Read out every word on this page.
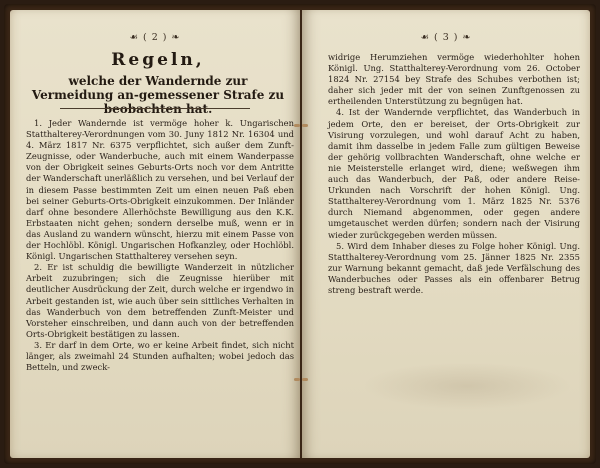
☙ ( 2 ) ❧
Regeln,
welche der Wandernde zur Vermeidung an-gemessener Strafe zu beobachten hat.

1. Jeder Wandernde ist vermöge hoher k. Ungarischen Statthalterey-Verordnungen vom 30. Juny 1812 Nr. 16304 und 4. März 1817 Nr. 6375 verpflichtet, sich außer dem Zunft-Zeugnisse, oder Wanderbuche, auch mit einem Wanderpasse von der Obrigkeit seines Geburts-Orts noch vor dem Antritte der Wanderschaft unerläßlich zu versehen, und bei Verlauf der in diesem Passe bestimmten Zeit um einen neuen Paß eben bei seiner Geburts-Orts-Obrigkeit einzukommen. Der Inländer darf ohne besondere Allerhöchste Bewilligung aus den K.K. Erbstaaten nicht gehen; sondern derselbe muß, wenn er in das Ausland zu wandern wünscht, hierzu mit einem Passe von der Hochlöbl. Königl. Ungarischen Hofkanzley, oder Hochlöbl. Königl. Ungarischen Statthalterey versehen seyn.

2. Er ist schuldig die bewilligte Wanderzeit in nützlicher Arbeit zuzubringen; sich die Zeugnisse hierüber mit deutlicher Ausdrückung der Zeit, durch welche er irgendwo in Arbeit gestanden ist, wie auch über sein sittliches Verhalten in das Wanderbuch von dem betreffenden Zunft-Meister und Vorsteher einschreiben, und dann auch von der betreffenden Orts-Obrigkeit bestätigen zu lassen.

3. Er darf in dem Orte, wo er keine Arbeit findet, sich nicht länger, als zweimahl 24 Stunden aufhalten; wobei jedoch das Betteln, und zweck-

☙ ( 3 ) ❧

widrige Herumziehen vermöge wiederhohlter hohen Königl. Ung. Statthalterey-Verordnung vom 26. October 1824 Nr. 27154 bey Strafe des Schubes verbothen ist; daher sich jeder mit der von seinen Zunftgenossen zu ertheilenden Unterstützung zu begnügen hat.

4. Ist der Wandernde verpflichtet, das Wanderbuch in jedem Orte, den er bereiset, der Orts-Obrigkeit zur Visirung vorzulegen, und wohl darauf Acht zu haben, damit ihm dasselbe in jedem Falle zum gültigen Beweise der gehörig vollbrachten Wanderschaft, ohne welche er nie Meisterstelle erlanget wird, diene; weßwegen ihm auch das Wanderbuch, der Paß, oder andere Reise-Urkunden nach Vorschrift der hohen Königl. Ung. Statthalterey-Verordnung vom 1. März 1825 Nr. 5376 durch Niemand abgenommen, oder gegen andere umgetauschet werden dürfen; sondern nach der Visirung wieder zurückgegeben werden müssen.

5. Wird dem Inhaber dieses zu Folge hoher Königl. Ung. Statthalterey-Verordnung vom 25. Jänner 1825 Nr. 2355 zur Warnung bekannt gemacht, daß jede Verfälschung des Wanderbuches oder Passes als ein offenbarer Betrug streng bestraft werde.
